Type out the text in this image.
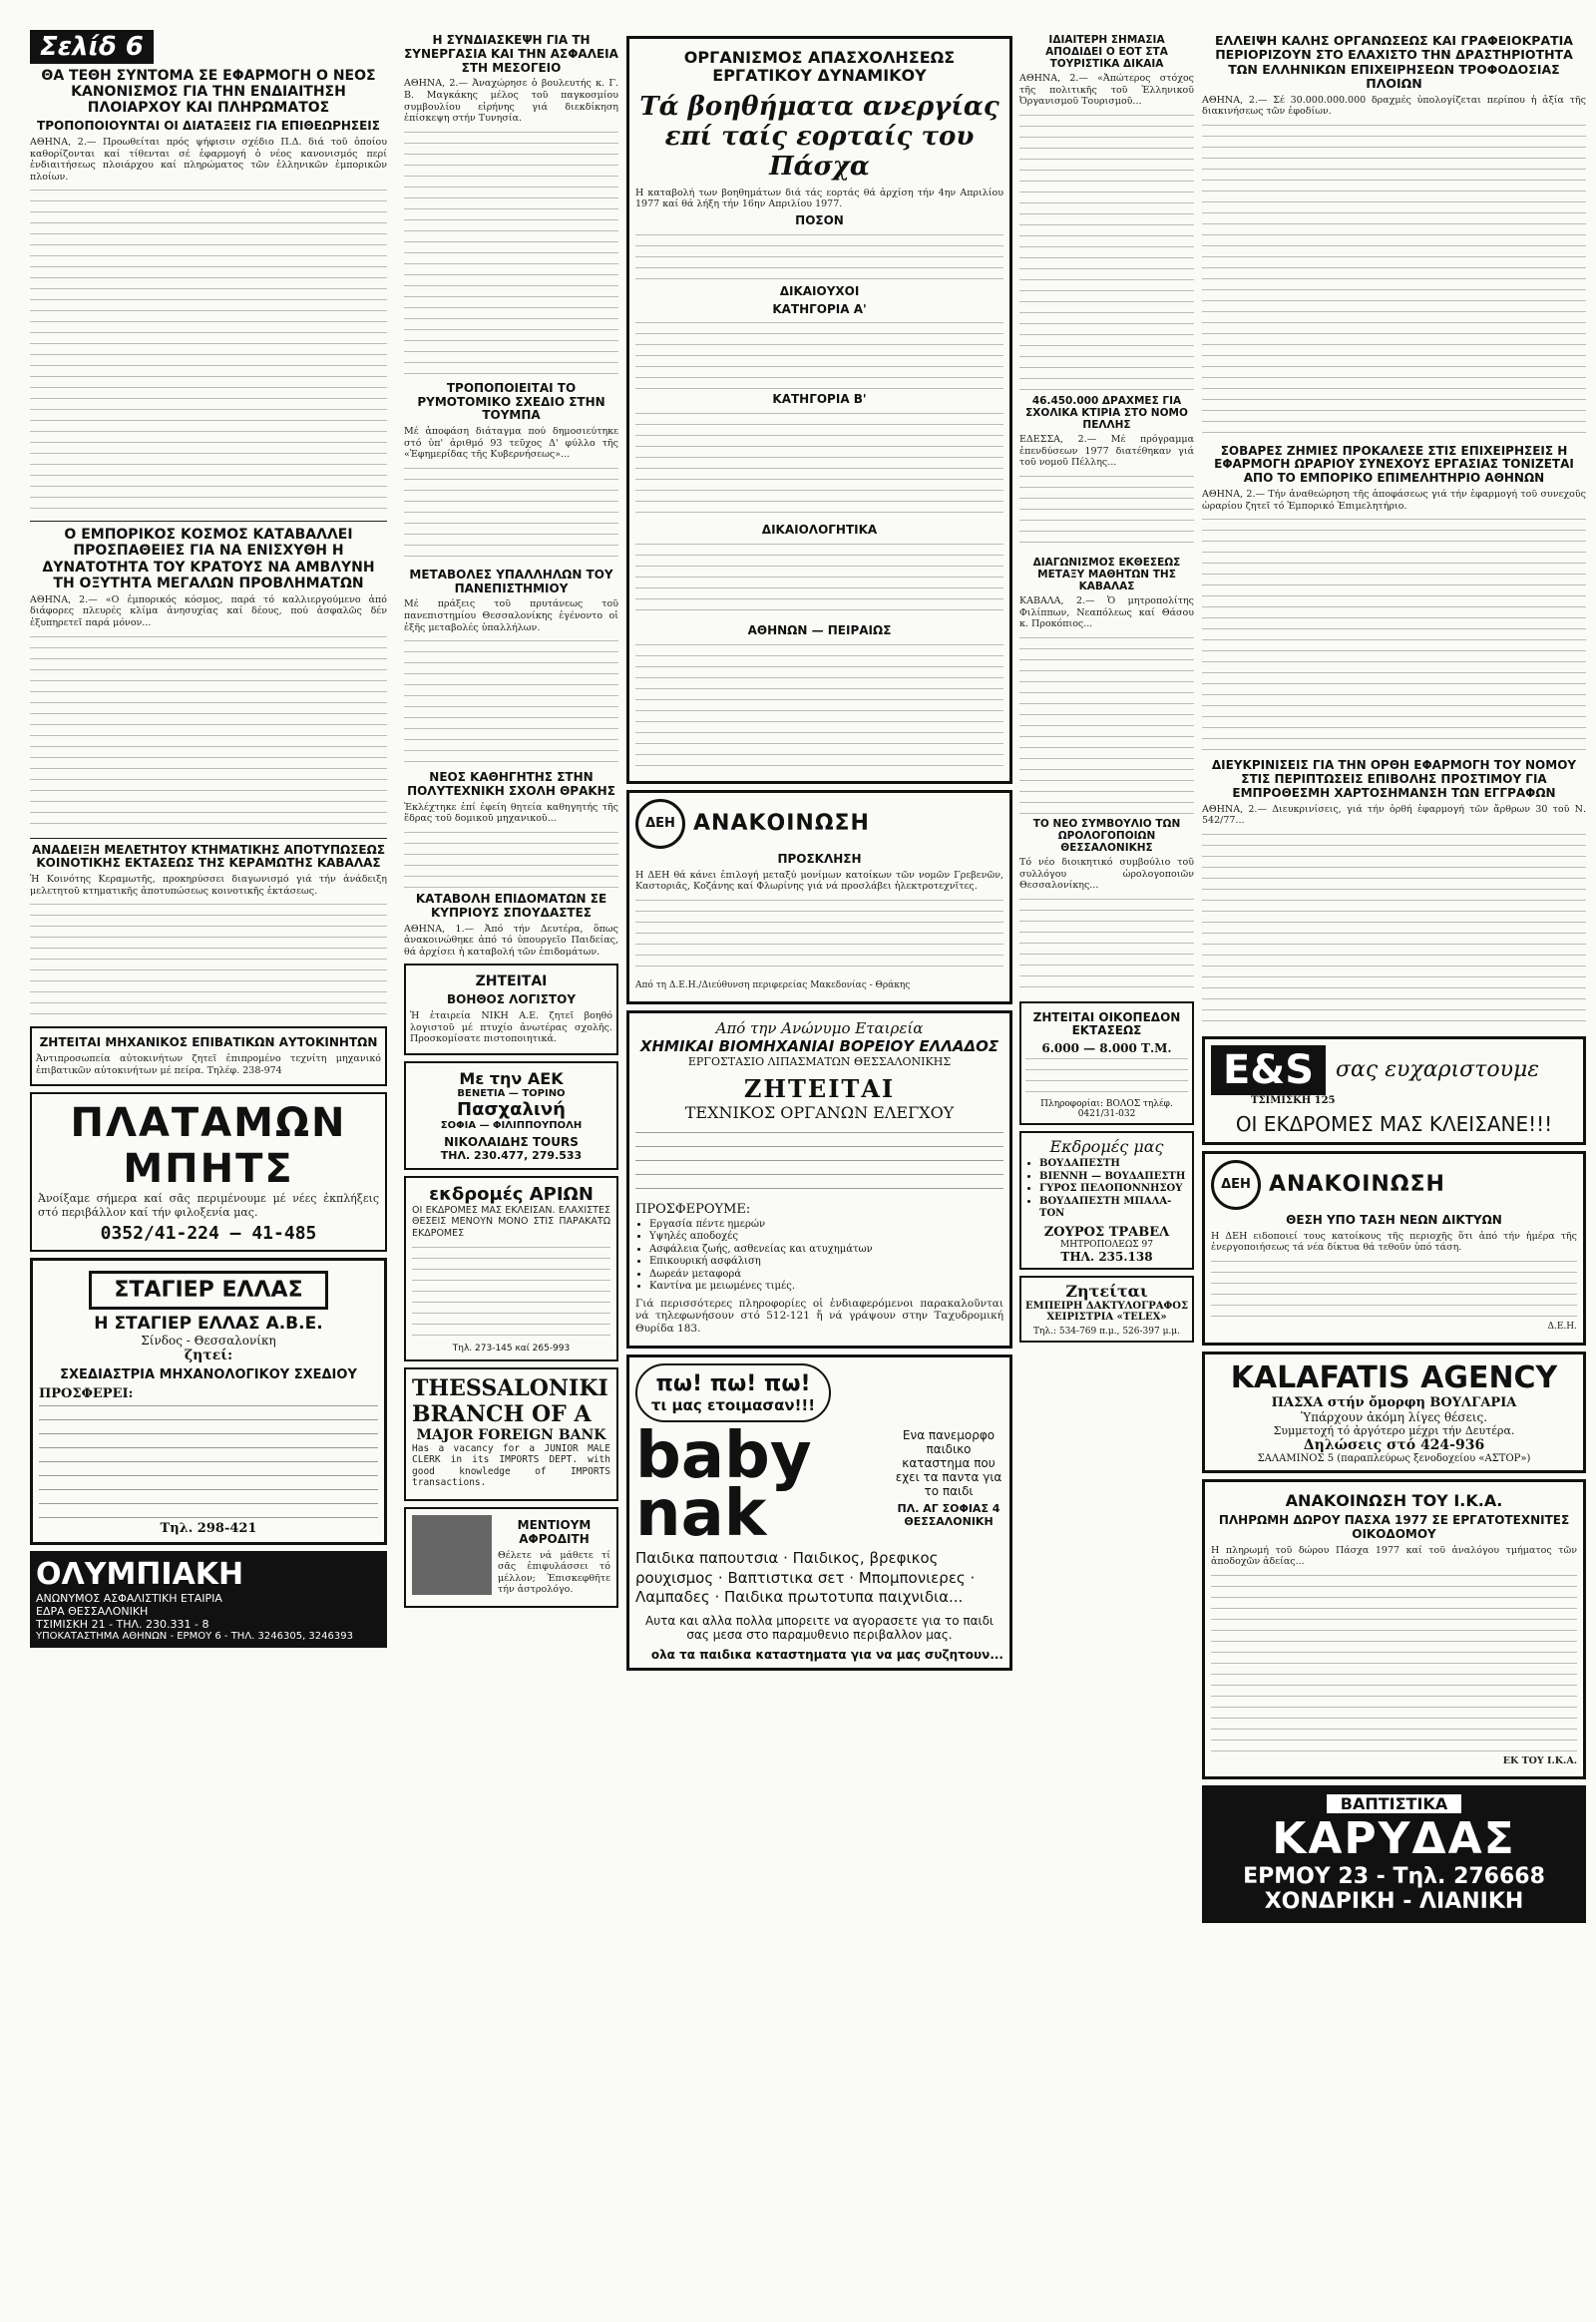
Σελίδ 6
ΘΑ ΤΕΘΗ ΣΥΝΤΟΜΑ ΣΕ ΕΦΑΡΜΟΓΗ Ο ΝΕΟΣ ΚΑΝΟΝΙΣΜΟΣ ΓΙΑ ΤΗΝ ΕΝΔΙΑΙΤΗΣΗ ΠΛΟΙΑΡΧΟΥ ΚΑΙ ΠΛΗΡΩΜΑΤΟΣ
ΤΡΟΠΟΠΟΙΟΥΝΤΑΙ ΟΙ ΔΙΑΤΑΞΕΙΣ ΓΙΑ ΕΠΙΘΕΩΡΗΣΕΙΣ

ΑΘΗΝΑ, 2.— Προωθείται πρός ψήφισιν σχέδιο Π.Δ. διά τοῦ ὁποίου καθορίζονται καί τίθενται σέ ἐφαρμογή ὁ νέος κανονισμός περί ἐνδιαιτήσεως πλοιάρχου καί πληρώματος τῶν ἑλληνικῶν ἐμπορικῶν πλοίων.

Ο ΕΜΠΟΡΙΚΟΣ ΚΟΣΜΟΣ ΚΑΤΑΒΑΛΛΕΙ ΠΡΟΣΠΑΘΕΙΕΣ ΓΙΑ ΝΑ ΕΝΙΣΧΥΘΗ Η ΔΥΝΑΤΟΤΗΤΑ ΤΟΥ ΚΡΑΤΟΥΣ ΝΑ ΑΜΒΛΥΝΗ ΤΗ ΟΞΥΤΗΤΑ ΜΕΓΑΛΩΝ ΠΡΟΒΛΗΜΑΤΩΝ

ΑΘΗΝΑ, 2.— «Ο ἐμπορικός κόσμος, παρά τό καλλιεργούμενο ἀπό διάφορες πλευρές κλίμα ἀνησυχίας καί δέους, πού ἀσφαλῶς δέν ἐξυπηρετεῖ παρά μόνον...

ΑΝΑΔΕΙΞΗ ΜΕΛΕΤΗΤΟΥ ΚΤΗΜΑΤΙΚΗΣ ΑΠΟΤΥΠΩΣΕΩΣ ΚΟΙΝΟΤΙΚΗΣ ΕΚΤΑΣΕΩΣ ΤΗΣ ΚΕΡΑΜΩΤΗΣ ΚΑΒΑΛΑΣ

Ἡ Κοινότης Κεραμωτῆς, προκηρύσσει διαγωνισμό γιά τήν ἀνάδειξη μελετητοῦ κτηματικῆς ἀποτυπώσεως κοινοτικῆς ἐκτάσεως.

ΖΗΤΕΙΤΑΙ ΜΗΧΑΝΙΚΟΣ ΕΠΙΒΑΤΙΚΩΝ ΑΥΤΟΚΙΝΗΤΩΝ

Ἀντιπροσωπεία αὐτοκινήτων ζητεῖ ἐπιπρομένο τεχνίτη μηχανικό ἐπιβατικῶν αὐτοκινήτων μέ πείρα. Τηλέφ. 238-974

ΠΛΑΤΑΜΩΝ ΜΠΗΤΣ

Ἀνοίξαμε σήμερα καί σᾶς περιμένουμε μέ νέες ἐκπλήξεις στό περιβάλλον καί τήν φιλοξενία μας.

0352/41-224 — 41-485
ΣΤΑΓΙΕΡ ΕΛΛΑΣ
Η ΣΤΑΓΙΕΡ ΕΛΛΑΣ Α.Β.Ε.
Σίνδος - Θεσσαλονίκη
ζητεί:
ΣΧΕΔΙΑΣΤΡΙΑ ΜΗΧΑΝΟΛΟΓΙΚΟΥ ΣΧΕΔΙΟΥ
ΠΡΟΣΦΕΡΕΙ:
Τηλ. 298-421
ΟΛΥΜΠΙΑΚΗ
ΑΝΩΝΥΜΟΣ ΑΣΦΑΛΙΣΤΙΚΗ ΕΤΑΙΡΙΑ
ΕΔΡΑ ΘΕΣΣΑΛΟΝΙΚΗ
ΤΣΙΜΙΣΚΗ 21 - ΤΗΛ. 230.331 - 8
ΥΠΟΚΑΤΑΣΤΗΜΑ ΑΘΗΝΩΝ - ΕΡΜΟΥ 6 - ΤΗΛ. 3246305, 3246393
Η ΣΥΝΔΙΑΣΚΕΨΗ ΓΙΑ ΤΗ ΣΥΝΕΡΓΑΣΙΑ ΚΑΙ ΤΗΝ ΑΣΦΑΛΕΙΑ ΣΤΗ ΜΕΣΟΓΕΙΟ

ΑΘΗΝΑ, 2.— Ἀναχώρησε ὁ βουλευτής κ. Γ. Β. Μαγκάκης μέλος τοῦ παγκοσμίου συμβουλίου εἰρήνης γιά διεκδίκηση ἐπίσκεψη στήν Τυνησία.

ΤΡΟΠΟΠΟΙΕΙΤΑΙ ΤΟ ΡΥΜΟΤΟΜΙΚΟ ΣΧΕΔΙΟ ΣΤΗΝ ΤΟΥΜΠΑ

Μέ ἀποφάση διάταγμα πού δημοσιεύτηκε στό ὑπ' ἀριθμό 93 τεῦχος Δ' φύλλο τῆς «Ἐφημερίδας τῆς Κυβερνήσεως»...

ΜΕΤΑΒΟΛΕΣ ΥΠΑΛΛΗΛΩΝ ΤΟΥ ΠΑΝΕΠΙΣΤΗΜΙΟΥ

Μέ πράξεις τοῦ πρυτάνεως τοῦ πανεπιστημίου Θεσσαλονίκης ἐγένοντο οἱ ἑξῆς μεταβολές ὑπαλλήλων.

ΝΕΟΣ ΚΑΘΗΓΗΤΗΣ ΣΤΗΝ ΠΟΛΥΤΕΧΝΙΚΗ ΣΧΟΛΗ ΘΡΑΚΗΣ

Ἐκλέχτηκε ἐπί ἐφείη θητεία καθηγητής τῆς ἕδρας τοῦ δομικοῦ μηχανικοῦ...

ΚΑΤΑΒΟΛΗ ΕΠΙΔΟΜΑΤΩΝ ΣΕ ΚΥΠΡΙΟΥΣ ΣΠΟΥΔΑΣΤΕΣ

ΑΘΗΝΑ, 1.— Ἀπό τήν Δευτέρα, ὅπως ἀνακοινώθηκε ἀπό τό ὑπουργεῖο Παιδείας, θά ἀρχίσει ἡ καταβολή τῶν ἐπιδομάτων.

ΖΗΤΕΙΤΑΙ
ΒΟΗΘΟΣ ΛΟΓΙΣΤΟΥ

Ἡ ἑταιρεία ΝΙΚΗ Α.Ε. ζητεῖ βοηθό λογιστοῦ μέ πτυχίο ἀνωτέρας σχολῆς. Προσκομίσατε πιστοποιητικά.

Με την ΑΕΚ
ΒΕΝΕΤΙΑ — ΤΟΡΙΝΟ
Πασχαλινή
ΣΟΦΙΑ — ΦΙΛΙΠΠΟΥΠΟΛΗ
ΝΙΚΟΛΑΙΔΗΣ TOURS
ΤΗΛ. 230.477, 279.533
εκδρομές ΑΡΙΩΝ

ΟΙ ΕΚΔΡΟΜΕΣ ΜΑΣ ΕΚΛΕΙΣΑΝ. ΕΛΑΧΙΣΤΕΣ ΘΕΣΕΙΣ ΜΕΝΟΥΝ ΜΟΝΟ ΣΤΙΣ ΠΑΡΑΚΑΤΩ ΕΚΔΡΟΜΕΣ

Τηλ. 273-145 καί 265-993
THESSALONIKI
BRANCH OF A
MAJOR FOREIGN BANK

Has a vacancy for a JUNIOR MALE CLERK in its IMPORTS DEPT. with good knowledge of IMPORTS transactions.

ΜΕΝΤΙΟΥΜ ΑΦΡΟΔΙΤΗ

Θέλετε νά μάθετε τί σᾶς ἐπιφυλάσσει τό μέλλον; Ἐπισκεφθῆτε τήν ἀστρολόγο.

ΟΡΓΑΝΙΣΜΟΣ ΑΠΑΣΧΟΛΗΣΕΩΣ ΕΡΓΑΤΙΚΟΥ ΔΥΝΑΜΙΚΟΥ
Τά βοηθήματα ανεργίας επί ταίς εορταίς του Πάσχα

Η καταβολή των βοηθημάτων διά τάς εορτάς θά ἀρχίση τήν 4ην Απριλίου 1977 καί θά λήξη τήν 16ην Απριλίου 1977.

ΠΟΣΟΝ

ΔΙΚΑΙΟΥΧΟΙ
ΚΑΤΗΓΟΡΙΑ Α'

ΚΑΤΗΓΟΡΙΑ Β'

ΔΙΚΑΙΟΛΟΓΗΤΙΚΑ

ΑΘΗΝΩΝ — ΠΕΙΡΑΙΩΣ

ΔΕΗ ΑΝΑΚΟΙΝΩΣΗ
ΠΡΟΣΚΛΗΣΗ

Η ΔΕΗ θά κάνει ἐπιλογή μεταξύ μονίμων κατοίκων τῶν νομῶν Γρεβενῶν, Καστοριᾶς, Κοζάνης καί Φλωρίνης γιά νά προσλάβει ἡλεκτροτεχνῖτες.

Από τη Δ.Ε.Η./Διεύθυνση περιφερείας Μακεδονίας - Θράκης

Από την Ανώνυμο Εταιρεία
ΧΗΜΙΚΑΙ ΒΙΟΜΗΧΑΝΙΑΙ ΒΟΡΕΙΟΥ ΕΛΛΑΔΟΣ
ΕΡΓΟΣΤΑΣΙΟ ΛΙΠΑΣΜΑΤΩΝ ΘΕΣΣΑΛΟΝΙΚΗΣ
ΖΗΤΕΙΤΑΙ
ΤΕΧΝΙΚΟΣ ΟΡΓΑΝΩΝ ΕΛΕΓΧΟΥ

ΠΡΟΣΦΕΡΟΥΜΕ:
• Εργασία πέντε ημερών
• Υψηλές αποδοχές
• Ασφάλεια ζωής, ασθενείας και ατυχημάτων
• Επικουρική ασφάλιση
• Δωρεάν μεταφορά
• Καντίνα με μειωμένες τιμές.

Γιά περισσότερες πληροφορίες οἱ ἐνδιαφερόμενοι παρακαλοῦνται νά τηλεφωνήσουν στό 512-121 ἤ νά γράψουν στην Ταχυδρομική Θυρίδα 183.

πω! πω! πω!
τι μας ετοιμασαν!!!
baby nak
Ενα πανεμορφο παιδικο καταστημα που εχει τα παντα για το παιδι
ΠΛ. ΑΓ ΣΟΦΙΑΣ 4 ΘΕΣΣΑΛΟΝΙΚΗ
Παιδικα παπουτσια · Παιδικος, βρεφικος ρουχισμος · Βαπτιστικα σετ · Μπομπονιερες · Λαμπαδες · Παιδικα πρωτοτυπα παιχνιδια...
Αυτα και αλλα πολλα μπορειτε να αγορασετε για το παιδι σας μεσα στο παραμυθενιο περιβαλλον μας.
ολα τα παιδικα καταστηματα για να μας συζητουν...
ΙΔΙΑΙΤΕΡΗ ΣΗΜΑΣΙΑ ΑΠΟΔΙΔΕΙ Ο ΕΟΤ ΣΤΑ ΤΟΥΡΙΣΤΙΚΑ ΔΙΚΑΙΑ

ΑΘΗΝΑ, 2.— «Ἀπώτερος στόχος τῆς πολιτικῆς τοῦ Ἑλληνικοῦ Ὀργανισμοῦ Τουρισμοῦ...

46.450.000 ΔΡΑΧΜΕΣ ΓΙΑ ΣΧΟΛΙΚΑ ΚΤΙΡΙΑ ΣΤΟ ΝΟΜΟ ΠΕΛΛΗΣ

ΕΔΕΣΣΑ, 2.— Μέ πρόγραμμα ἐπενδύσεων 1977 διατέθηκαν γιά τοῦ νομοῦ Πέλλης...

ΔΙΑΓΩΝΙΣΜΟΣ ΕΚΘΕΣΕΩΣ ΜΕΤΑΞΥ ΜΑΘΗΤΩΝ ΤΗΣ ΚΑΒΑΛΑΣ

ΚΑΒΑΛΑ, 2.— Ὁ μητροπολίτης Φιλίππων, Νεαπόλεως καί Θάσου κ. Προκόπιος...

ΤΟ ΝΕΟ ΣΥΜΒΟΥΛΙΟ ΤΩΝ ΩΡΟΛΟΓΟΠΟΙΩΝ ΘΕΣΣΑΛΟΝΙΚΗΣ

Τό νέο διοικητικό συμβούλιο τοῦ συλλόγου ὡρολογοποιῶν Θεσσαλονίκης...

ΖΗΤΕΙΤΑΙ ΟΙΚΟΠΕΔΟΝ ΕΚΤΑΣΕΩΣ
6.000 — 8.000 Τ.Μ.

Πληροφορίαι: ΒΟΛΟΣ τηλέφ. 0421/31-032
Εκδρομές μας
• ΒΟΥΔΑΠΕΣΤΗ
• ΒΙΕΝΝΗ — ΒΟΥΔΑΠΕΣΤΗ
• ΓΥΡΟΣ ΠΕΛΟΠΟΝΝΗΣΟΥ
• ΒΟΥΔΑΠΕΣΤΗ ΜΠΑΛΑ-ΤΟΝ
ΖΟΥΡΟΣ ΤΡΑΒΕΛ
ΜΗΤΡΟΠΟΛΕΩΣ 97
ΤΗΛ. 235.138
Ζητείται
ΕΜΠΕΙΡΗ ΔΑΚΤΥΛΟΓΡΑΦΟΣ ΧΕΙΡΙΣΤΡΙΑ «TELEX»
Τηλ.: 534-769 π.μ., 526-397 μ.μ.
ΕΛΛΕΙΨΗ ΚΑΛΗΣ ΟΡΓΑΝΩΣΕΩΣ ΚΑΙ ΓΡΑΦΕΙΟΚΡΑΤΙΑ ΠΕΡΙΟΡΙΖΟΥΝ ΣΤΟ ΕΛΑΧΙΣΤΟ ΤΗΝ ΔΡΑΣΤΗΡΙΟΤΗΤΑ ΤΩΝ ΕΛΛΗΝΙΚΩΝ ΕΠΙΧΕΙΡΗΣΕΩΝ ΤΡΟΦΟΔΟΣΙΑΣ ΠΛΟΙΩΝ

ΑΘΗΝΑ, 2.— Σέ 30.000.000.000 δραχμές ὑπολογίζεται περίπου ἡ ἀξία τῆς διακινήσεως τῶν ἐφοδίων.

ΣΟΒΑΡΕΣ ΖΗΜΙΕΣ ΠΡΟΚΑΛΕΣΕ ΣΤΙΣ ΕΠΙΧΕΙΡΗΣΕΙΣ Η ΕΦΑΡΜΟΓΗ ΩΡΑΡΙΟΥ ΣΥΝΕΧΟΥΣ ΕΡΓΑΣΙΑΣ ΤΟΝΙΖΕΤΑΙ ΑΠΟ ΤΟ ΕΜΠΟΡΙΚΟ ΕΠΙΜΕΛΗΤΗΡΙΟ ΑΘΗΝΩΝ

ΑΘΗΝΑ, 2.— Τήν ἀναθεώρηση τῆς ἀποφάσεως γιά τήν ἐφαρμογή τοῦ συνεχοῦς ὡραρίου ζητεῖ τό Ἐμπορικό Ἐπιμελητήριο.

ΔΙΕΥΚΡΙΝΙΣΕΙΣ ΓΙΑ ΤΗΝ ΟΡΘΗ ΕΦΑΡΜΟΓΗ ΤΟΥ ΝΟΜΟΥ ΣΤΙΣ ΠΕΡΙΠΤΩΣΕΙΣ ΕΠΙΒΟΛΗΣ ΠΡΟΣΤΙΜΟΥ ΓΙΑ ΕΜΠΡΟΘΕΣΜΗ ΧΑΡΤΟΣΗΜΑΝΣΗ ΤΩΝ ΕΓΓΡΑΦΩΝ

ΑΘΗΝΑ, 2.— Διευκρινίσεις, γιά τήν ὀρθή ἐφαρμογή τῶν ἄρθρων 30 τοῦ Ν. 542/77...

E&S	σας ευχαριστουμε
ΤΣΙΜΙΣΚΗ 125
ΟΙ ΕΚΔΡΟΜΕΣ ΜΑΣ ΚΛΕΙΣΑΝΕ!!!
ΔΕΗ ΑΝΑΚΟΙΝΩΣΗ
ΘΕΣΗ ΥΠΟ ΤΑΣΗ ΝΕΩΝ ΔΙΚΤΥΩΝ

Η ΔΕΗ ειδοποιεί τους κατοίκους τῆς περιοχῆς ὅτι ἀπό τήν ἡμέρα τῆς ἐνεργοποιήσεως τά νέα δίκτυα θά τεθοῦν ὑπό τάση.

Δ.Ε.Η.

KALAFATIS AGENCY
ΠΑΣΧΑ στήν ὄμορφη ΒΟΥΛΓΑΡΙΑ
Ὑπάρχουν ἀκόμη λίγες θέσεις.
Συμμετοχή τό ἀργότερο μέχρι τήν Δευτέρα.
Δηλώσεις στό 424-936
ΣΑΛΑΜΙΝΟΣ 5 (παραπλεύρως ξενοδοχείου «ΑΣΤΟΡ»)
ΑΝΑΚΟΙΝΩΣΗ ΤΟΥ Ι.Κ.Α.
ΠΛΗΡΩΜΗ ΔΩΡΟΥ ΠΑΣΧΑ 1977 ΣΕ ΕΡΓΑΤΟΤΕΧΝΙΤΕΣ ΟΙΚΟΔΟΜΟΥ

Η πληρωμή τοῦ δώρου Πάσχα 1977 καί τοῦ ἀναλόγου τμήματος τῶν ἀποδοχῶν ἀδείας...

ΕΚ ΤΟΥ Ι.Κ.Α.

ΒΑΠΤΙΣΤΙΚΑ
ΚΑΡΥΔΑΣ
ΕΡΜΟΥ 23 - Τηλ. 276668
ΧΟΝΔΡΙΚΗ - ΛΙΑΝΙΚΗ
